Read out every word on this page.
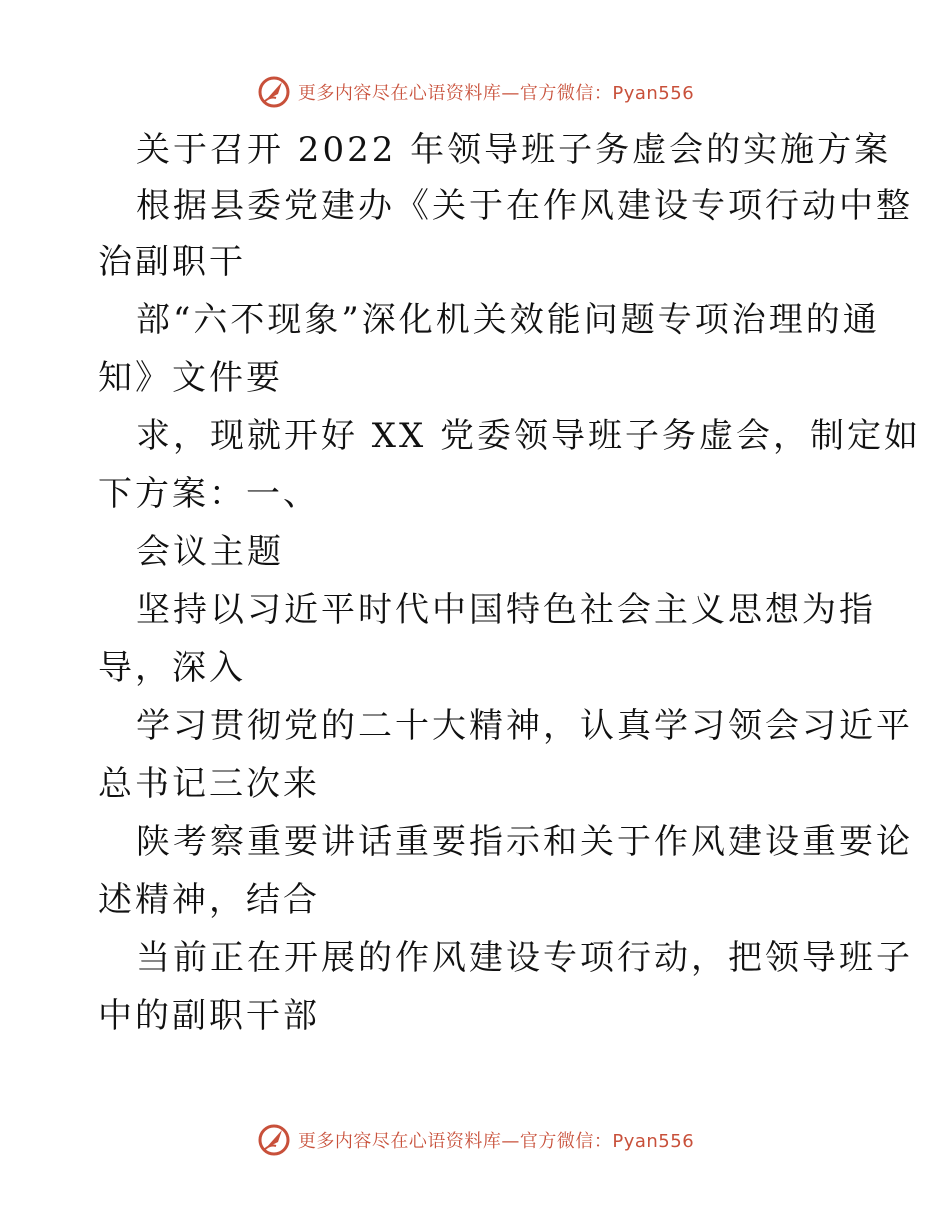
更多内容尽在心语资料库—官方微信：Pyan556
关于召开 2022 年领导班子务虚会的实施方案
根据县委党建办《关于在作风建设专项行动中整
治副职干
部“六不现象”深化机关效能问题专项治理的通
知》文件要
求，现就开好 XX 党委领导班子务虚会，制定如
下方案：一、
会议主题
坚持以习近平时代中国特色社会主义思想为指
导，深入
学习贯彻党的二十大精神，认真学习领会习近平
总书记三次来
陕考察重要讲话重要指示和关于作风建设重要论
述精神，结合
当前正在开展的作风建设专项行动，把领导班子
中的副职干部
更多内容尽在心语资料库—官方微信：Pyan556
